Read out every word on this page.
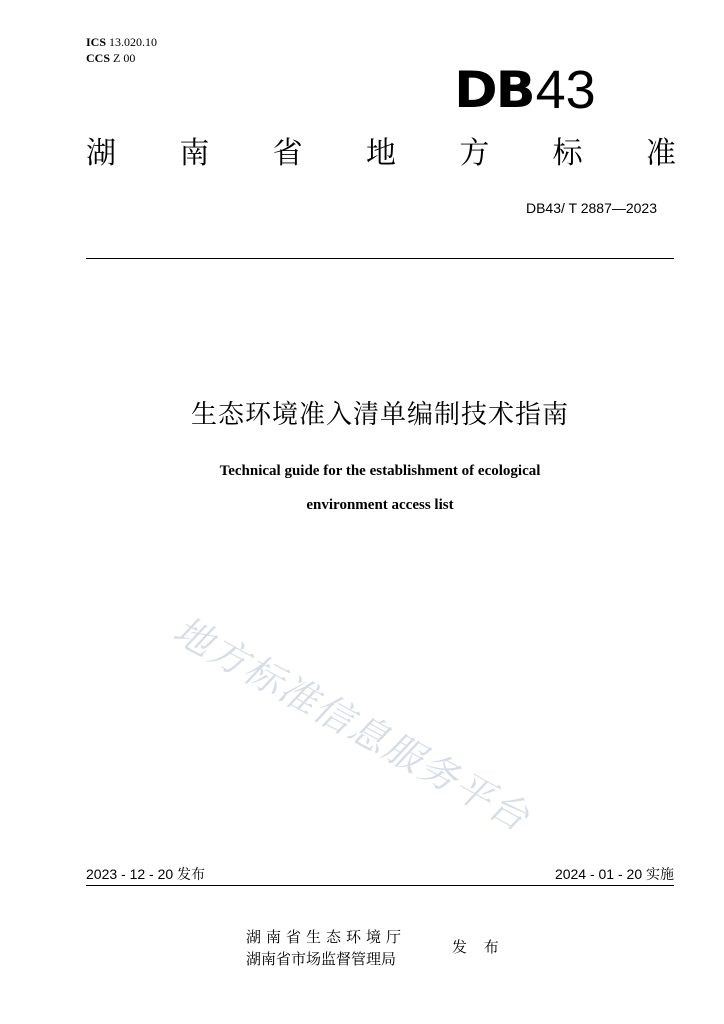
ICS 13.020.10
CCS Z 00
DB43
湖 南 省 地 方 标 准
DB43/ T 2887—2023
生态环境准入清单编制技术指南
Technical guide for the establishment of ecological
environment access list
地方标准信息服务平台
2023 - 12 - 20 发布	2024 - 01 - 20 实施
湖南省生态环境厅
湖南省市场监督管理局
发 布
